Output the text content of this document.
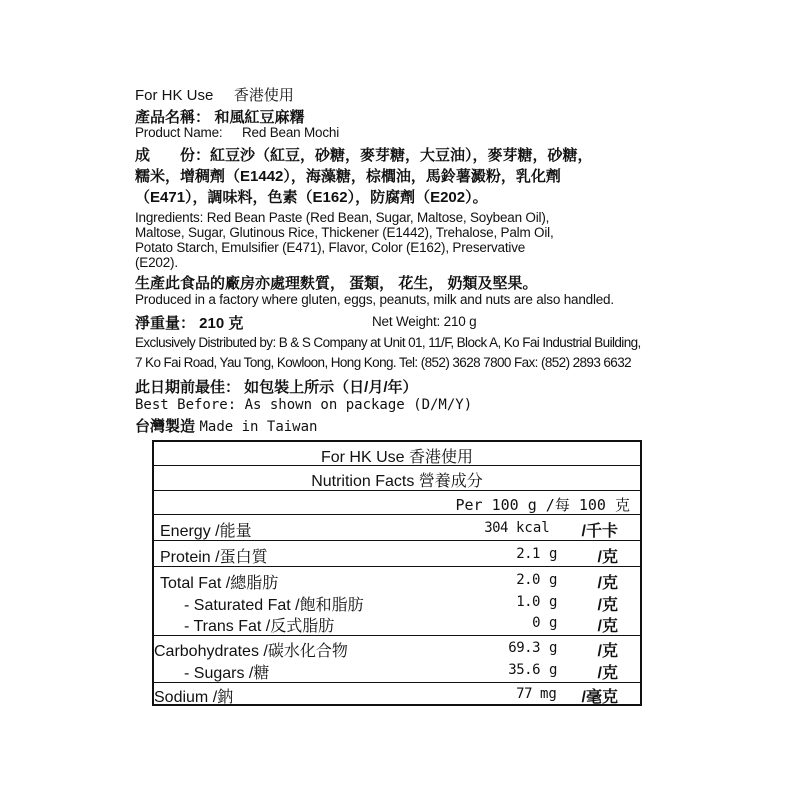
For HK Use 香港使用
產品名稱： 和風紅豆麻糬
Product Name: Red Bean Mochi
成　　份：紅豆沙（紅豆，砂糖，麥芽糖，大豆油），麥芽糖，砂糖，
糯米，增稠劑（E1442），海藻糖，棕櫚油，馬鈴薯澱粉，乳化劑
（E471），調味料，色素（E162），防腐劑（E202）。
Ingredients: Red Bean Paste (Red Bean, Sugar, Maltose, Soybean Oil),
Maltose, Sugar, Glutinous Rice, Thickener (E1442), Trehalose, Palm Oil,
Potato Starch, Emulsifier (E471), Flavor, Color (E162), Preservative
(E202).
生產此食品的廠房亦處理麩質， 蛋類， 花生， 奶類及堅果。
Produced in a factory where gluten, eggs, peanuts, milk and nuts are also handled.
淨重量： 210 克	Net Weight: 210 g
Exclusively Distributed by: B & S Company at Unit 01, 11/F, Block A, Ko Fai Industrial Building,
7 Ko Fai Road, Yau Tong, Kowloon, Hong Kong. Tel: (852) 3628 7800 Fax: (852) 2893 6632
此日期前最佳： 如包裝上所示（日/月/年）
Best Before: As shown on package (D/M/Y)
台灣製造 Made in Taiwan
For HK Use 香港使用
Nutrition Facts 營養成分
Per 100 g /每 100 克
Energy /能量	304 kcal /千卡
Protein /蛋白質	2.1 g	/克
Total Fat /總脂肪	2.0 g	/克
- Saturated Fat /飽和脂肪	1.0 g	/克
- Trans Fat /反式脂肪	0 g	/克
Carbohydrates /碳水化合物	69.3 g	/克
- Sugars /糖	35.6 g	/克
Sodium /鈉	77 mg /毫克
